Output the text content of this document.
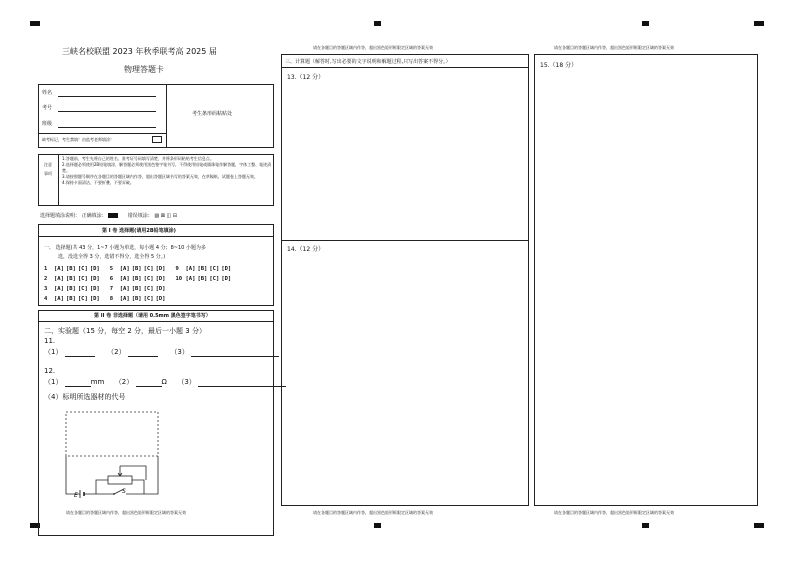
三峡名校联盟 2023 年秋季联考高 2025 届
物理答题卡
姓名
考号
班级
缺考标记，考生禁填！由监考老师填涂！
考生条形码粘贴处
注意事项
1.答题前，考生先将自己的姓名、准考证号码填写清楚，并将条形码粘贴考生信息点。
2.选择题必须使用2B铅笔填涂，解答题必须使用黑色签字笔书写，不得使用铅笔或圆珠笔作解答题，字体工整、笔迹清楚。
3.请按照题号顺序在各题目的答题区域内作答，超出答题区域书写的答案无效，在草稿纸、试题卷上答题无效。
4.保持卡面清洁，不要折叠、不要弄破。
选择题填涂说明： 正确填涂：	错误填涂： ▨ ⊠ ◫ ⊟
第 I 卷 选择题(请用2B铅笔填涂)
一、 选择题(共 43 分，1~7 小题为单选，每小题 4 分；8~10 小题为多
选，没选全得 3 分，选错不得分，选全得 5 分。)
1 [A] [B] [C] [D] 5 [A] [B] [C] [D] 9 [A] [B] [C] [D]
2 [A] [B] [C] [D] 6 [A] [B] [C] [D] 10 [A] [B] [C] [D]
3 [A] [B] [C] [D] 7 [A] [B] [C] [D]
4 [A] [B] [C] [D] 8 [A] [B] [C] [D]
第 II 卷 非选择题（请用 0.5mm 黑色签字笔书写）
二、实验题（15 分，每空 2 分，最后一小题 3 分）
11.
（1）	（2）	（3）
12.
（1）	mm （2）	Ω （3）
（4）标明所选器材的代号
E
S
请在各题目的答题区域内作答，超出黑色矩形框限定区域的答案无效
请在各题目的答题区域内作答，超出黑色矩形框限定区域的答案无效
三、计算题（解答时,写出必要的文字说明和解题过程,只写出答案不得分。）
13.（12 分）
14.（12 分）
请在各题目的答题区域内作答，超出黑色矩形框限定区域的答案无效
请在各题目的答题区域内作答，超出黑色矩形框限定区域的答案无效
15.（18 分）
请在各题目的答题区域内作答，超出黑色矩形框限定区域的答案无效
